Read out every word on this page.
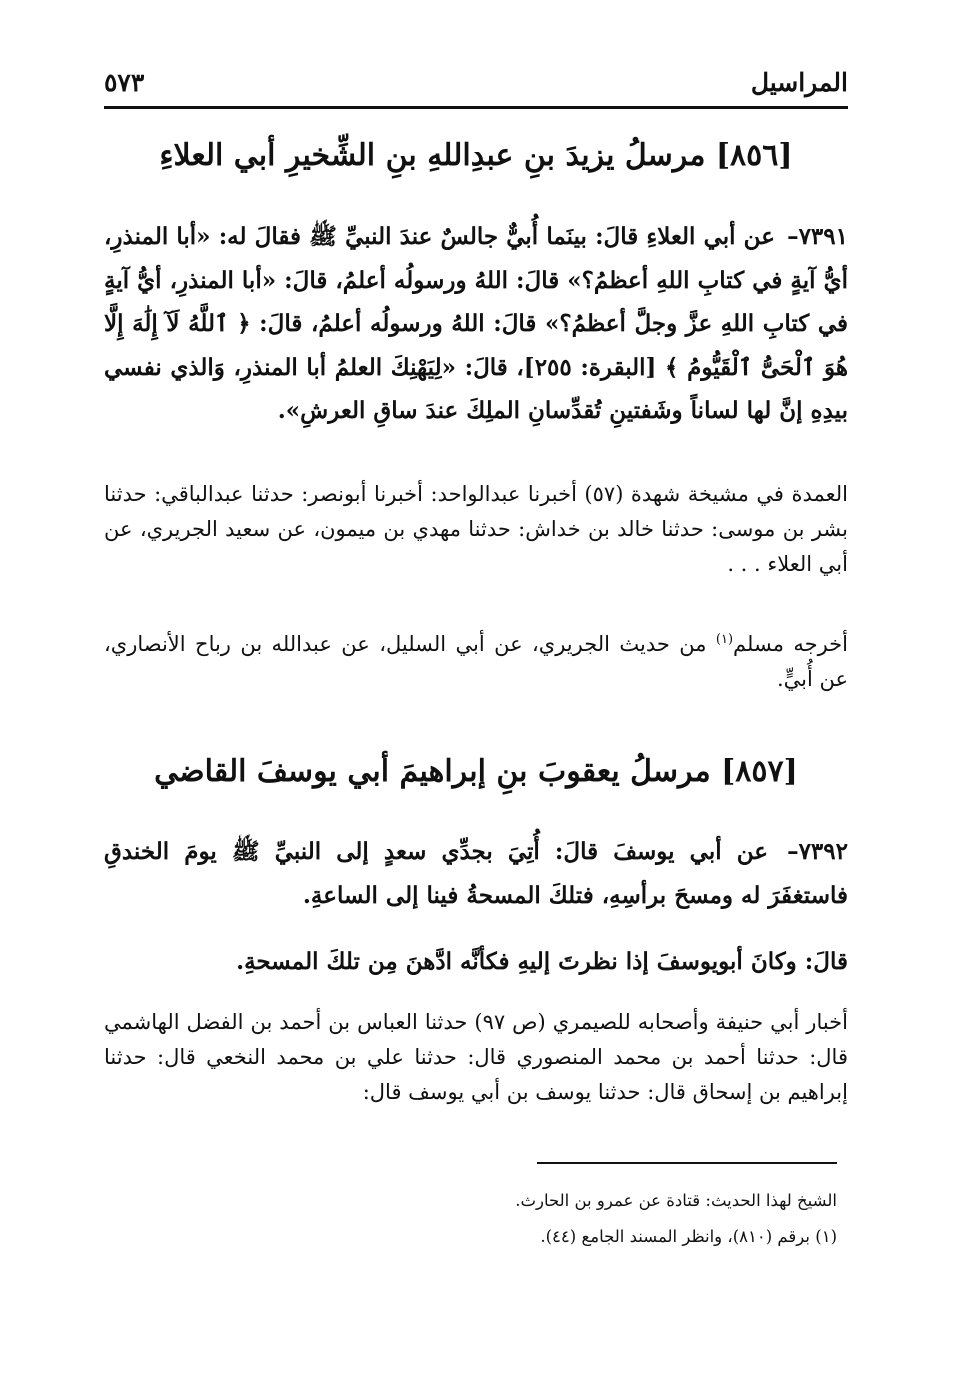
المراسيل
٥٧٣
[٨٥٦] مرسلُ يزيدَ بنِ عبدِاللهِ بنِ الشِّخيرِ أبي العلاءِ
٧٣٩١– عن أبي العلاءِ قالَ: بينَما أُبيٌّ جالسٌ عندَ النبيِّ ﷺ فقالَ له: «أبا المنذرِ، أيُّ آيةٍ في كتابِ اللهِ أعظمُ؟» قالَ: اللهُ ورسولُه أعلمُ، قالَ: «أبا المنذرِ، أيُّ آيةٍ في كتابِ اللهِ عزَّ وجلَّ أعظمُ؟» قالَ: اللهُ ورسولُه أعلمُ، قالَ: ﴿ ٱللَّهُ لَآ إِلَٰهَ إِلَّا هُوَ ٱلْحَىُّ ٱلْقَيُّومُ ﴾ [البقرة: ٢٥٥]، قالَ: «لِيَهْنِكَ العلمُ أبا المنذرِ، وَالذي نفسي بيدِهِ إنَّ لها لساناً وشَفتينِ تُقدِّسانِ الملِكَ عندَ ساقِ العرشِ».
العمدة في مشيخة شهدة (٥٧) أخبرنا عبدالواحد: أخبرنا أبونصر: حدثنا عبدالباقي: حدثنا بشر بن موسى: حدثنا خالد بن خداش: حدثنا مهدي بن ميمون، عن سعيد الجريري، عن أبي العلاء . . .
أخرجه مسلم$^{(١)}$ من حديث الجريري، عن أبي السليل، عن عبدالله بن رباح الأنصاري، عن أُبيٍّ.
[٨٥٧] مرسلُ يعقوبَ بنِ إبراهيمَ أبي يوسفَ القاضي
٧٣٩٢– عن أبي يوسفَ قالَ: أُتِيَ بجدِّي سعدٍ إلى النبيِّ ﷺ يومَ الخندقِ فاستغفَرَ له ومسحَ برأسِهِ، فتلكَ المسحةُ فينا إلى الساعةِ.
قالَ: وكانَ أبويوسفَ إذا نظرتَ إليهِ فكأنَّه ادَّهنَ مِن تلكَ المسحةِ.
أخبار أبي حنيفة وأصحابه للصيمري (ص ٩٧) حدثنا العباس بن أحمد بن الفضل الهاشمي قال: حدثنا أحمد بن محمد المنصوري قال: حدثنا علي بن محمد النخعي قال: حدثنا إبراهيم بن إسحاق قال: حدثنا يوسف بن أبي يوسف قال:
الشيخ لهذا الحديث: قتادة عن عمرو بن الحارث.
(١) برقم (٨١٠)، وانظر المسند الجامع (٤٤).
